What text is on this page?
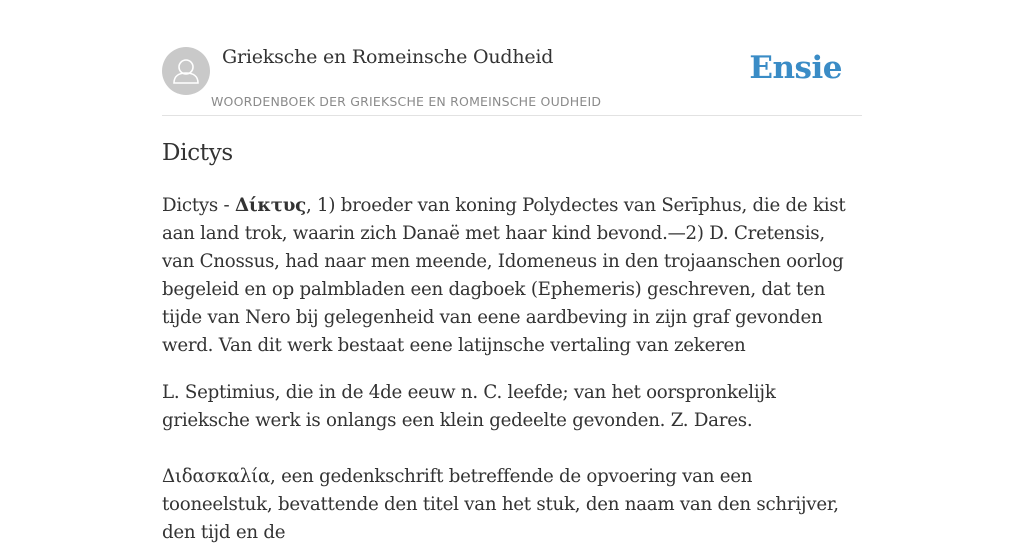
Grieksche en Romeinsche Oudheid
WOORDENBOEK DER GRIEKSCHE EN ROMEINSCHE OUDHEID
Ensie
Dictys

Dictys - Δίκτυς, 1) broeder van koning Polydectes van Serīphus, die de kist aan land trok, waarin zich Danaë met haar kind bevond.—2) D. Cretensis, van Cnossus, had naar men meende, Idomeneus in den trojaanschen oorlog begeleid en op palmbladen een dagboek (Ephemeris) geschreven, dat ten tijde van Nero bij gelegenheid van eene aardbeving in zijn graf gevonden werd. Van dit werk bestaat eene latijnsche vertaling van zekeren

L. Septimius, die in de 4de eeuw n. C. leefde; van het oorspronkelijk grieksche werk is onlangs een klein gedeelte gevonden. Z. Dares.

Διδασκαλία, een gedenkschrift betreffende de opvoering van een tooneelstuk, bevattende den titel van het stuk, den naam van den schrijver, den tijd en de
